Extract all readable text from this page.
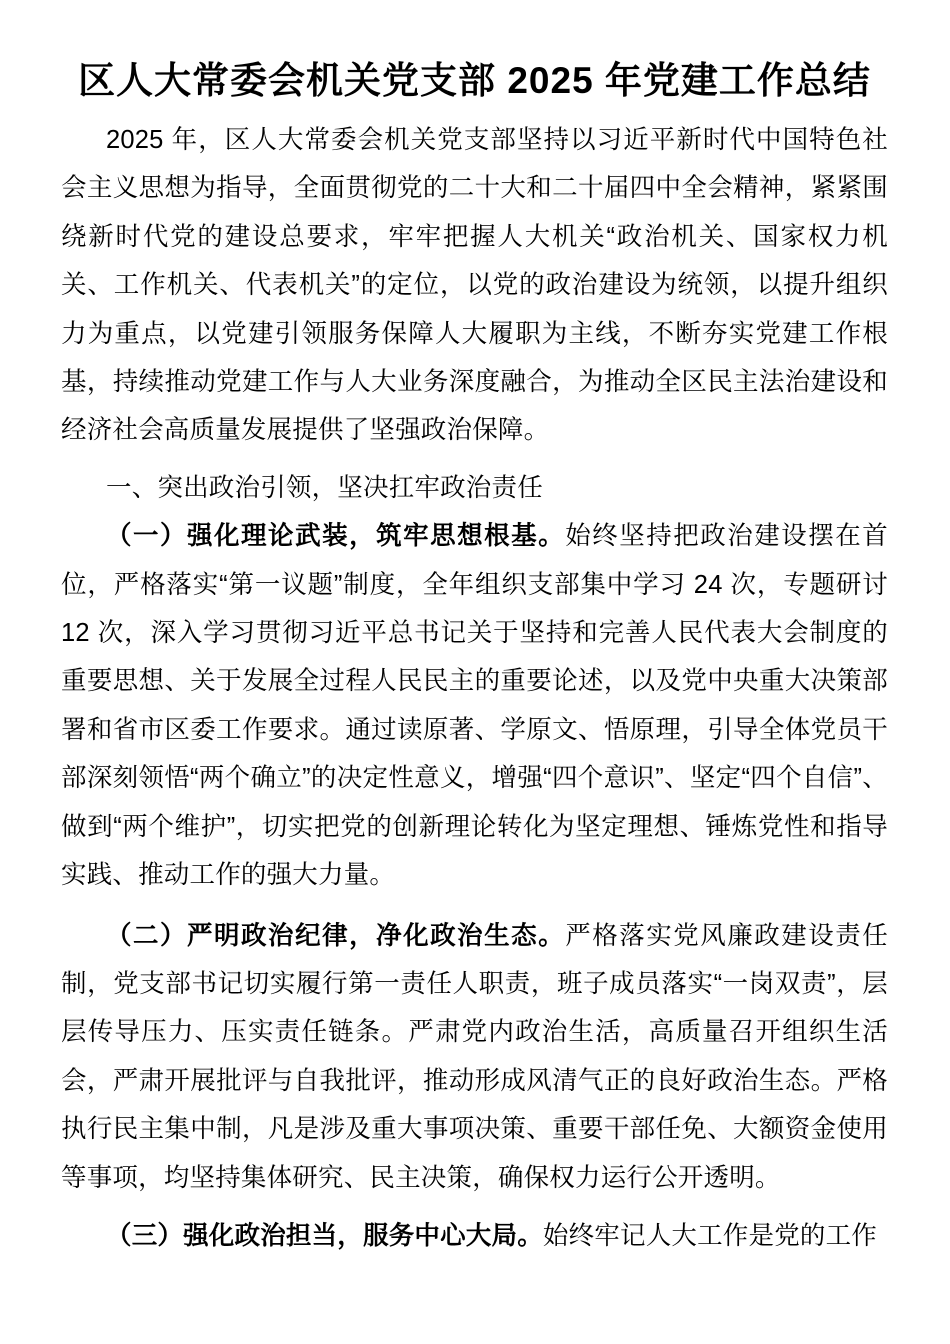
区人大常委会机关党支部 2025 年党建工作总结

2025 年，区人大常委会机关党支部坚持以习近平新时代中国特色社会主义思想为指导，全面贯彻党的二十大和二十届四中全会精神，紧紧围绕新时代党的建设总要求，牢牢把握人大机关“政治机关、国家权力机关、工作机关、代表机关”的定位，以党的政治建设为统领，以提升组织力为重点，以党建引领服务保障人大履职为主线，不断夯实党建工作根基，持续推动党建工作与人大业务深度融合，为推动全区民主法治建设和经济社会高质量发展提供了坚强政治保障。

一、突出政治引领，坚决扛牢政治责任

（一）强化理论武装，筑牢思想根基。始终坚持把政治建设摆在首位，严格落实“第一议题”制度，全年组织支部集中学习 24 次，专题研讨 12 次，深入学习贯彻习近平总书记关于坚持和完善人民代表大会制度的重要思想、关于发展全过程人民民主的重要论述，以及党中央重大决策部署和省市区委工作要求。通过读原著、学原文、悟原理，引导全体党员干部深刻领悟“两个确立”的决定性意义，增强“四个意识”、坚定“四个自信”、做到“两个维护”，切实把党的创新理论转化为坚定理想、锤炼党性和指导实践、推动工作的强大力量。

（二）严明政治纪律，净化政治生态。严格落实党风廉政建设责任制，党支部书记切实履行第一责任人职责，班子成员落实“一岗双责”，层层传导压力、压实责任链条。严肃党内政治生活，高质量召开组织生活会，严肃开展批评与自我批评，推动形成风清气正的良好政治生态。严格执行民主集中制，凡是涉及重大事项决策、重要干部任免、大额资金使用等事项，均坚持集体研究、民主决策，确保权力运行公开透明。

（三）强化政治担当，服务中心大局。始终牢记人大工作是党的工作
